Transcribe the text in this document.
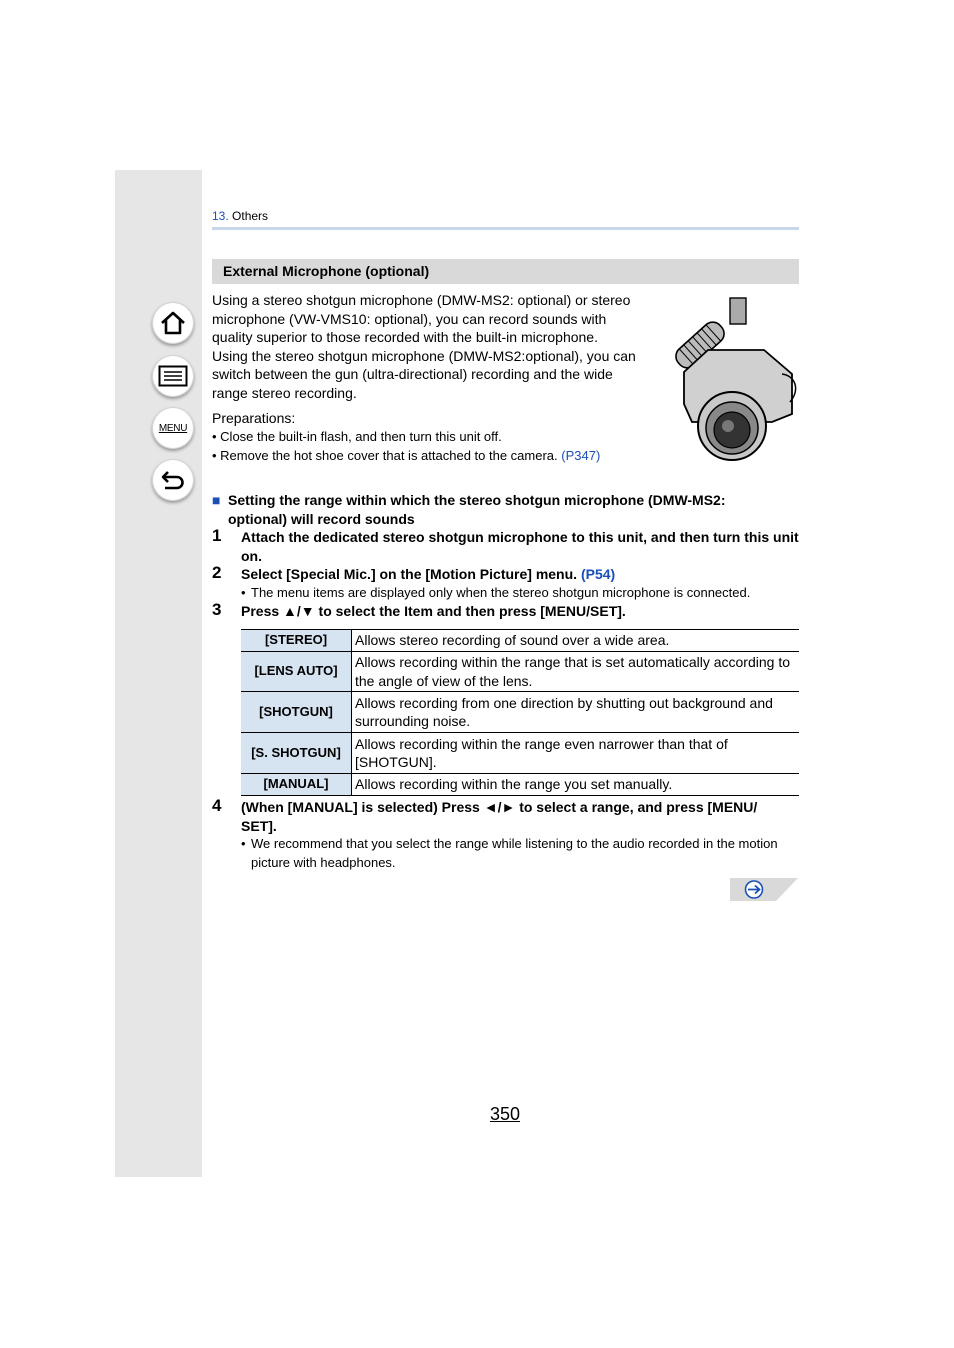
MENU
13. Others
External Microphone (optional)

Using a stereo shotgun microphone (DMW-MS2: optional) or stereo
microphone (VW-VMS10: optional), you can record sounds with
quality superior to those recorded with the built-in microphone.
Using the stereo shotgun microphone (DMW-MS2:optional), you can
switch between the gun (ultra-directional) recording and the wide
range stereo recording.

Preparations:
• Close the built-in flash, and then turn this unit off.
• Remove the hot shoe cover that is attached to the camera. (P347)
■ Setting the range within which the stereo shotgun microphone (DMW-MS2: optional) will record sounds
1 Attach the dedicated stereo shotgun microphone to this unit, and then turn this unit on.
2 Select [Special Mic.] on the [Motion Picture] menu. (P54)
• The menu items are displayed only when the stereo shotgun microphone is connected.
3 Press ▲/▼ to select the Item and then press [MENU/SET].
[STEREO]	Allows stereo recording of sound over a wide area.
[LENS AUTO]	Allows recording within the range that is set automatically according to the angle of view of the lens.
[SHOTGUN]	Allows recording from one direction by shutting out background and surrounding noise.
[S. SHOTGUN]	Allows recording within the range even narrower than that of [SHOTGUN].
[MANUAL]	Allows recording within the range you set manually.
4 (When [MANUAL] is selected) Press ◄/► to select a range, and press [MENU/ SET].
• We recommend that you select the range while listening to the audio recorded in the motion picture with headphones.
350
